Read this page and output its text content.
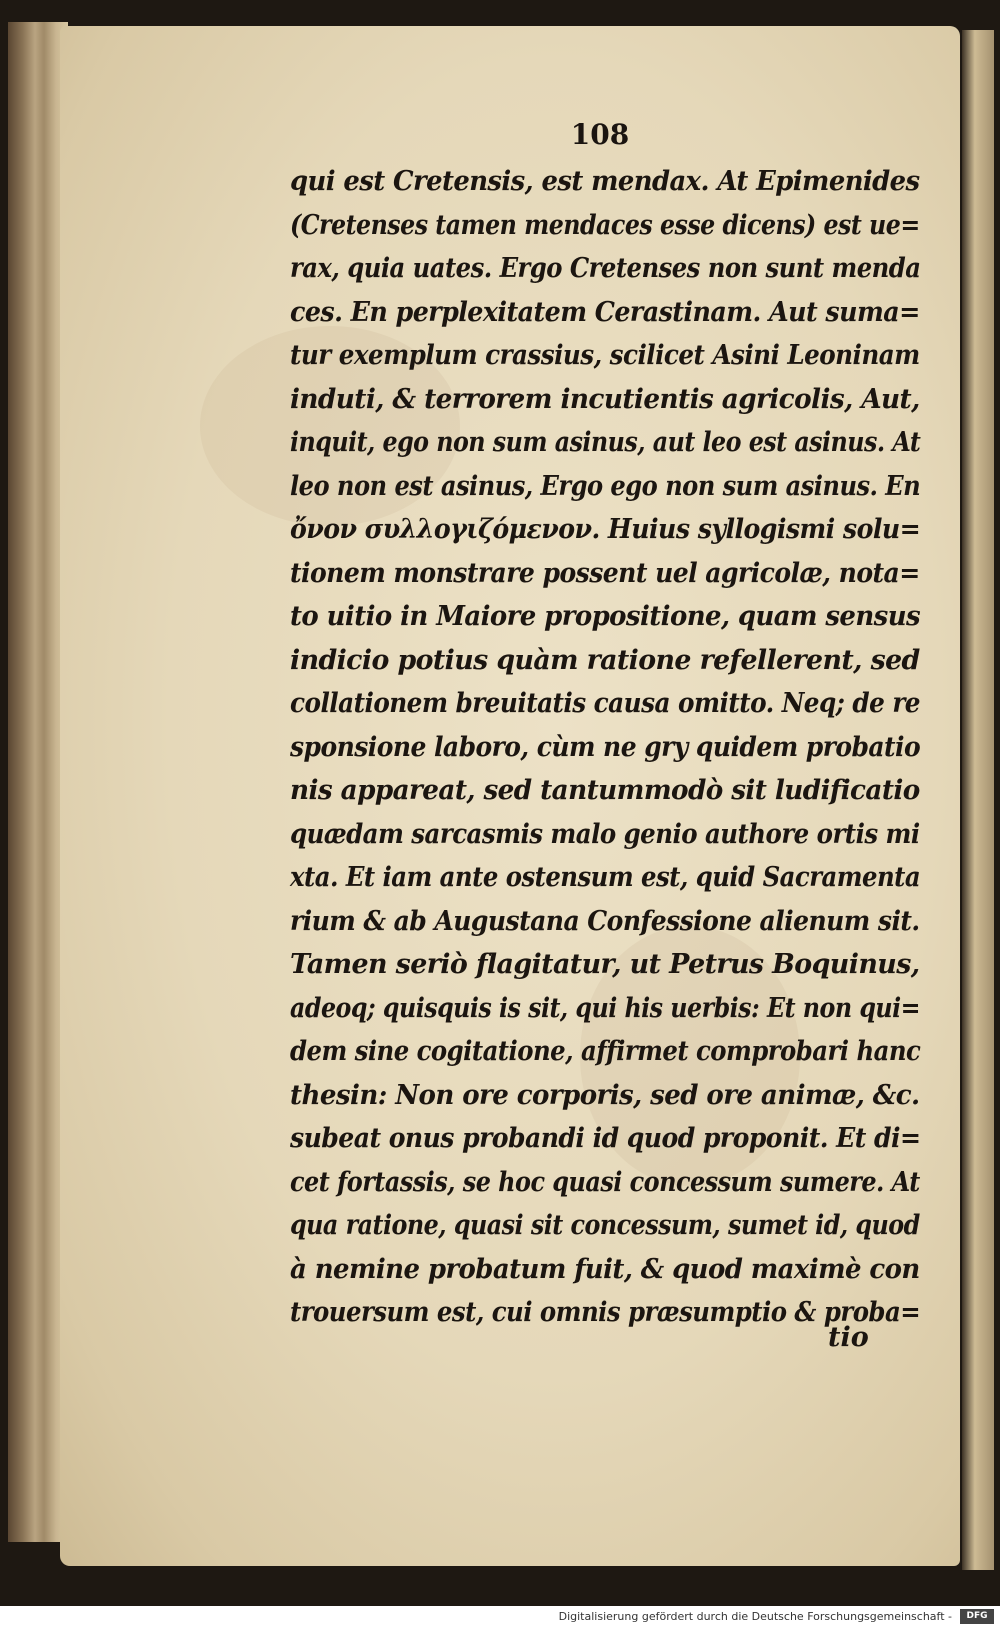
108
qui est Cretensis, est mendax. At Epimenides
(Cretenses tamen mendaces esse dicens) est ue=
rax, quia uates. Ergo Cretenses non sunt menda
ces. En perplexitatem Cerastinam. Aut suma=
tur exemplum crassius, scilicet Asini Leoninam
induti, & terrorem incutientis agricolis, Aut,
inquit, ego non sum asinus, aut leo est asinus. At
leo non est asinus, Ergo ego non sum asinus. En
ὄνον συλλογιζόμενον. Huius syllogismi solu=
tionem monstrare possent uel agricolæ, nota=
to uitio in Maiore propositione, quam sensus
indicio potius quàm ratione refellerent, sed
collationem breuitatis causa omitto. Neq; de re
sponsione laboro, cùm ne gry quidem probatio
nis appareat, sed tantummodò sit ludificatio
quædam sarcasmis malo genio authore ortis mi
xta. Et iam ante ostensum est, quid Sacramenta
rium & ab Augustana Confessione alienum sit.
Tamen seriò flagitatur, ut Petrus Boquinus,
adeoq; quisquis is sit, qui his uerbis: Et non qui=
dem sine cogitatione, affirmet comprobari hanc
thesin: Non ore corporis, sed ore animæ, &c.
subeat onus probandi id quod proponit. Et di=
cet fortassis, se hoc quasi concessum sumere. At
qua ratione, quasi sit concessum, sumet id, quod
à nemine probatum fuit, & quod maximè con
trouersum est, cui omnis præsumptio & proba=
tio
Digitalisierung gefördert durch die Deutsche Forschungsgemeinschaft -	DFG
